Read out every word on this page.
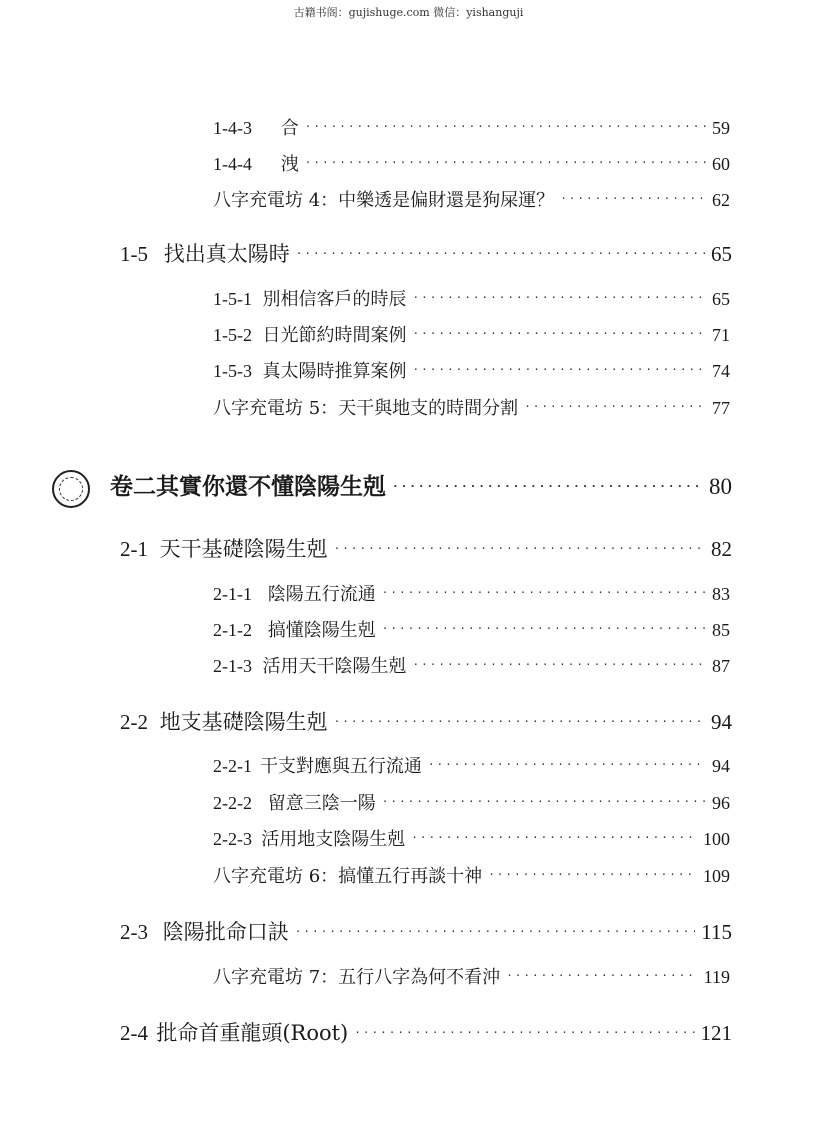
古籍书阁：gujishuge.com 微信：yishanguji
1-4-3	合 ·····	59
1-4-4	洩 ·····	60
八字充電坊 4：中樂透是偏財還是狗屎運？ ·····	62
1-5 找出真太陽時 ·····	65
1-5-1 別相信客戶的時辰 ·····	65
1-5-2 日光節約時間案例 ·····	71
1-5-3 真太陽時推算案例 ·····	74
八字充電坊 5：天干與地支的時間分割 ·····	77
卷二 其實你還不懂陰陽生剋 ·····	80
2-1 天干基礎陰陽生剋 ·····	82
2-1-1 陰陽五行流通 ·····	83
2-1-2 搞懂陰陽生剋 ·····	85
2-1-3 活用天干陰陽生剋 ·····	87
2-2 地支基礎陰陽生剋 ·····	94
2-2-1 干支對應與五行流通 ·····	94
2-2-2 留意三陰一陽 ·····	96
2-2-3 活用地支陰陽生剋 ·····	100
八字充電坊 6：搞懂五行再談十神 ·····	109
2-3 陰陽批命口訣 ·····	115
八字充電坊 7：五行八字為何不看沖 ·····	119
2-4 批命首重龍頭(Root) ·····	121
